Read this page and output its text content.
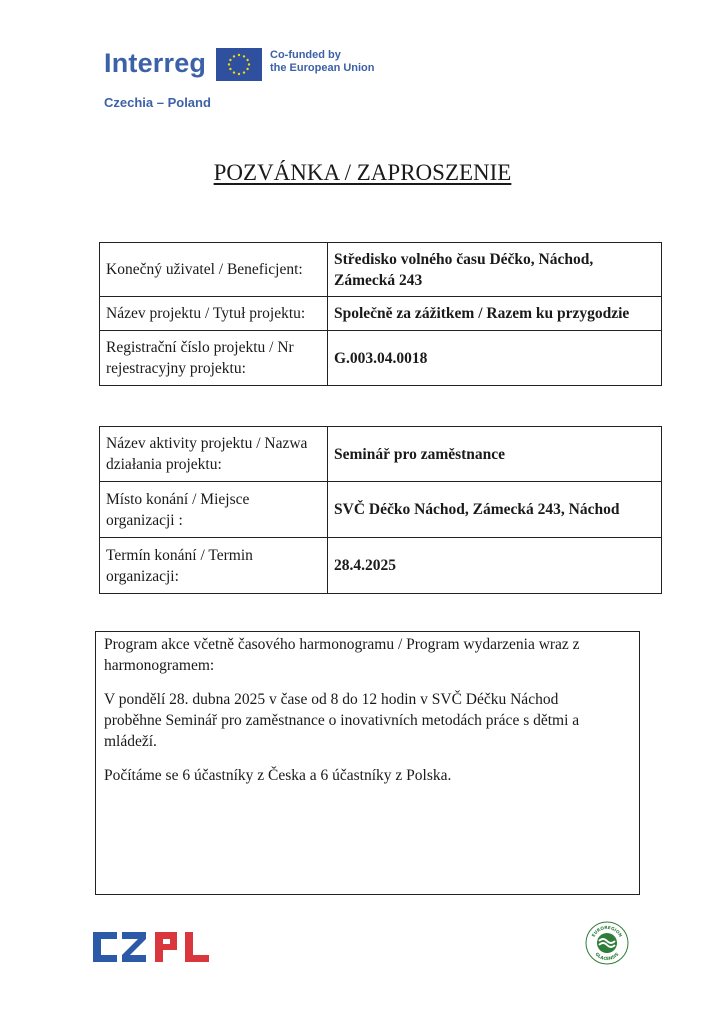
Interreg	Co-funded by
the European Union
Czechia – Poland
POZVÁNKA / ZAPROSZENIE
Konečný uživatel / Beneficjent:	Středisko volného času Déčko, Náchod,
Zámecká 243

Název projektu / Tytuł projektu:	Společně za zážitkem / Razem ku przygodzie

Registrační číslo projektu / Nr
rejestracyjny projektu:	G.003.04.0018
Název aktivity projektu / Nazwa
działania projektu:	Seminář pro zaměstnance

Místo konání / Miejsce
organizacji :	SVČ Déčko Náchod, Zámecká 243, Náchod

Termín konání / Termin
organizacji:	28.4.2025

Program akce včetně časového harmonogramu / Program wydarzenia wraz z
harmonogramem:

V pondělí 28. dubna 2025 v čase od 8 do 12 hodin v SVČ Déčku Náchod
proběhne Seminář pro zaměstnance o inovativních metodách práce s dětmi a
mládeží.

Počítáme se 6 účastníky z Česka a 6 účastníky z Polska.

EUROREGION
GLACENSIS
